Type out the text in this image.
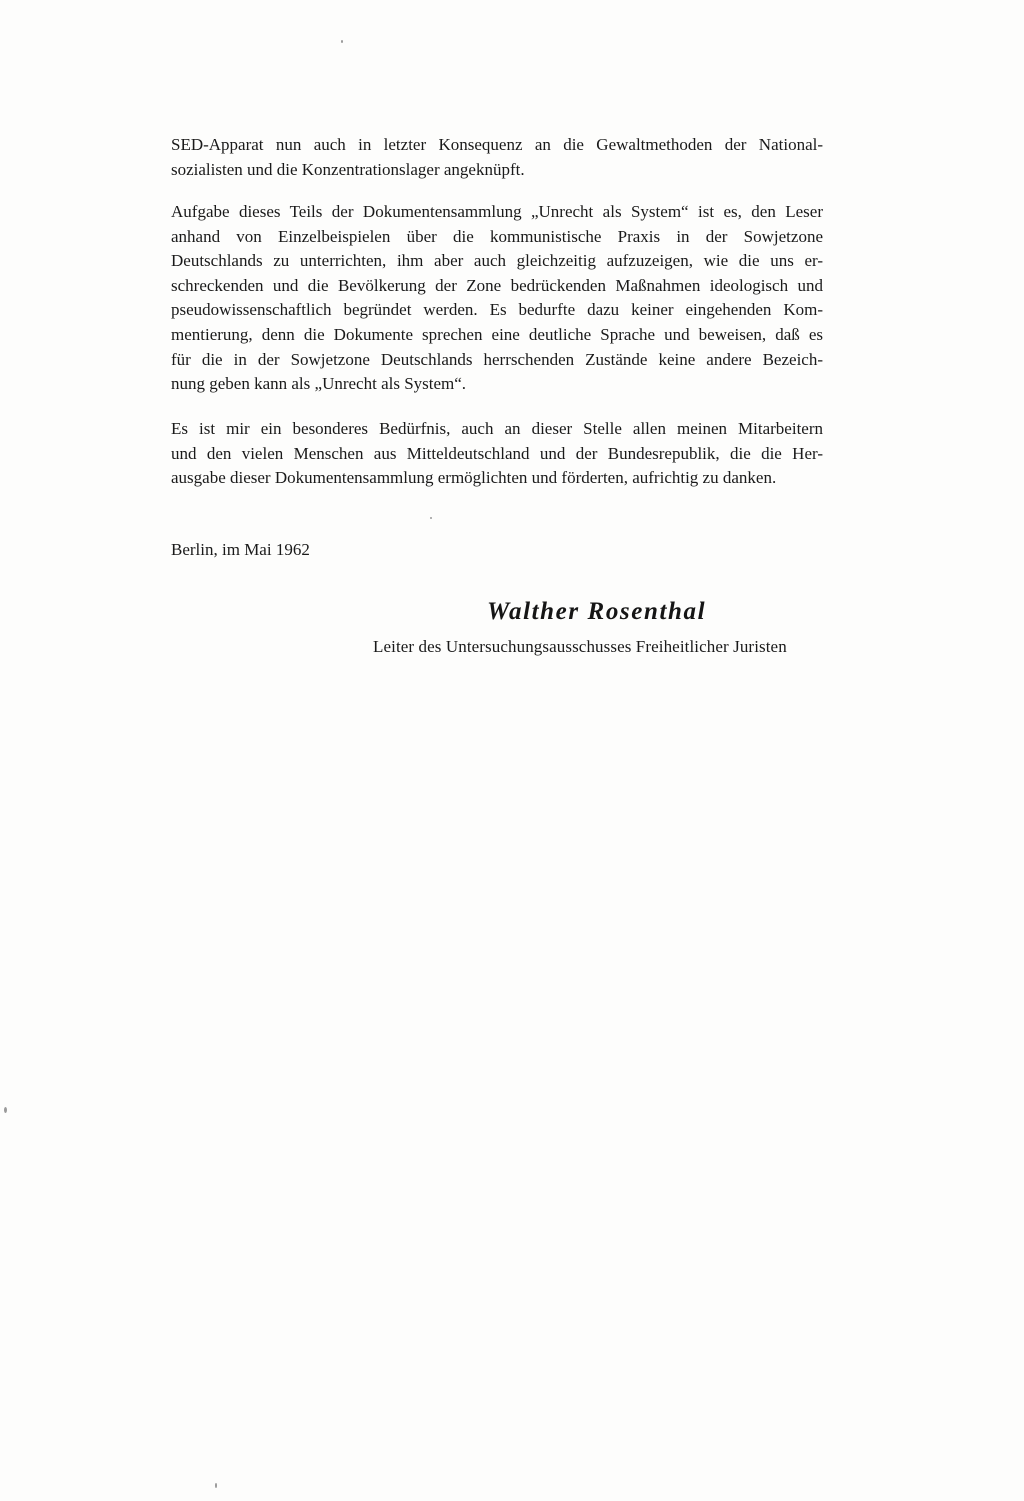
SED-Apparat nun auch in letzter Konsequenz an die Gewaltmethoden der National-
sozialisten und die Konzentrationslager angeknüpft.
Aufgabe dieses Teils der Dokumentensammlung „Unrecht als System“ ist es, den Leser
anhand von Einzelbeispielen über die kommunistische Praxis in der Sowjetzone
Deutschlands zu unterrichten, ihm aber auch gleichzeitig aufzuzeigen, wie die uns er-
schreckenden und die Bevölkerung der Zone bedrückenden Maßnahmen ideologisch und
pseudowissenschaftlich begründet werden. Es bedurfte dazu keiner eingehenden Kom-
mentierung, denn die Dokumente sprechen eine deutliche Sprache und beweisen, daß es
für die in der Sowjetzone Deutschlands herrschenden Zustände keine andere Bezeich-
nung geben kann als „Unrecht als System“.
Es ist mir ein besonderes Bedürfnis, auch an dieser Stelle allen meinen Mitarbeitern
und den vielen Menschen aus Mitteldeutschland und der Bundesrepublik, die die Her-
ausgabe dieser Dokumentensammlung ermöglichten und förderten, aufrichtig zu danken.
Berlin, im Mai 1962
Walther Rosenthal
Leiter des Untersuchungsausschusses Freiheitlicher Juristen
